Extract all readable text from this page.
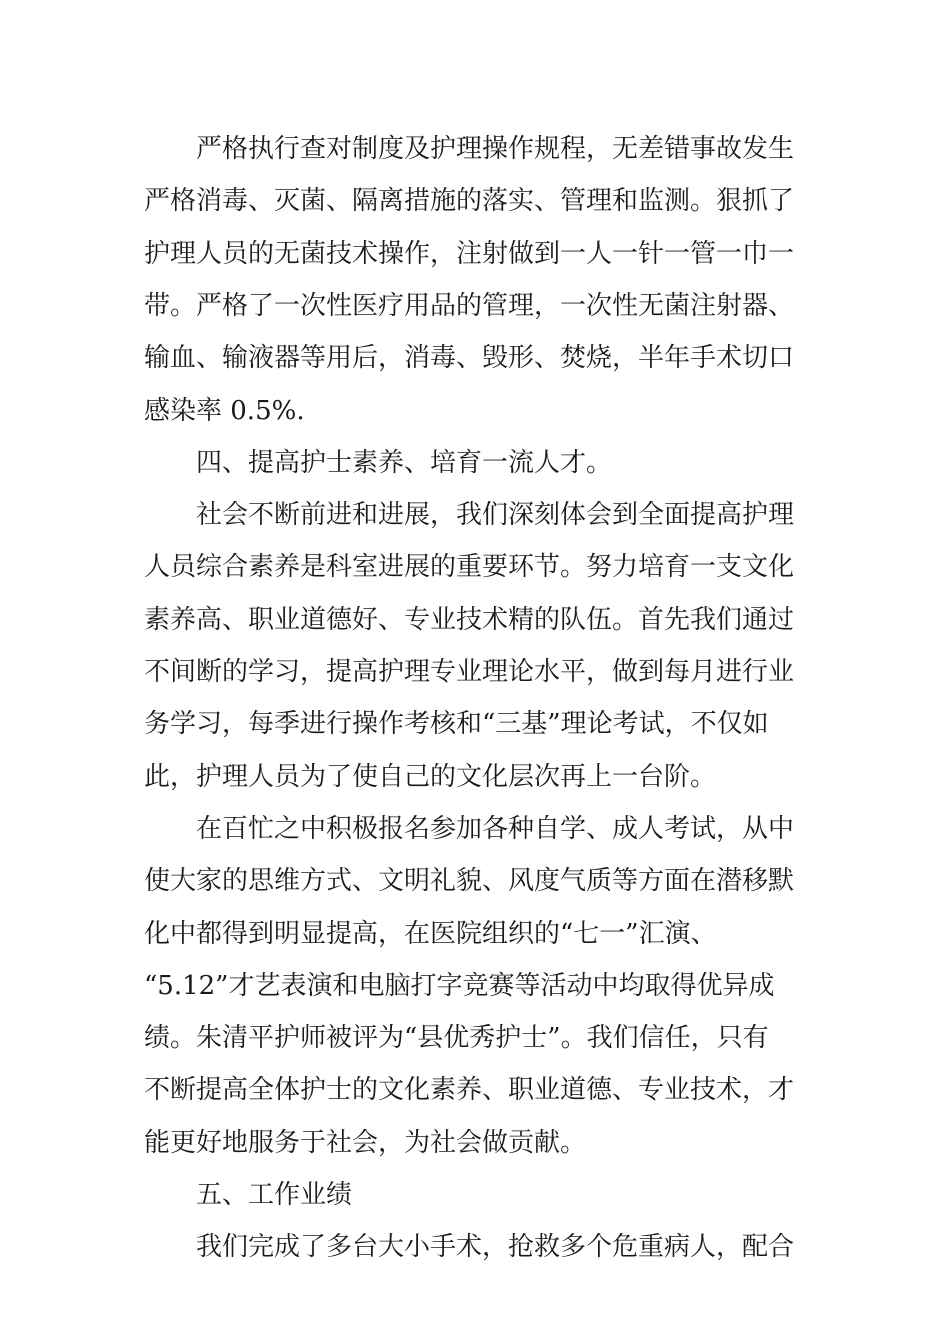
严格执行查对制度及护理操作规程，无差错事故发生
严格消毒、灭菌、隔离措施的落实、管理和监测。狠抓了
护理人员的无菌技术操作，注射做到一人一针一管一巾一
带。严格了一次性医疗用品的管理，一次性无菌注射器、
输血、输液器等用后，消毒、毁形、焚烧，半年手术切口
感染率 0.5%.
四、提高护士素养、培育一流人才。
社会不断前进和进展，我们深刻体会到全面提高护理
人员综合素养是科室进展的重要环节。努力培育一支文化
素养高、职业道德好、专业技术精的队伍。首先我们通过
不间断的学习，提高护理专业理论水平，做到每月进行业
务学习，每季进行操作考核和“三基”理论考试，不仅如
此，护理人员为了使自己的文化层次再上一台阶。
在百忙之中积极报名参加各种自学、成人考试，从中
使大家的思维方式、文明礼貌、风度气质等方面在潜移默
化中都得到明显提高，在医院组织的“七一”汇演、
“5.12”才艺表演和电脑打字竞赛等活动中均取得优异成
绩。朱清平护师被评为“县优秀护士”。我们信任，只有
不断提高全体护士的文化素养、职业道德、专业技术，才
能更好地服务于社会，为社会做贡献。
五、工作业绩
我们完成了多台大小手术，抢救多个危重病人，配合
